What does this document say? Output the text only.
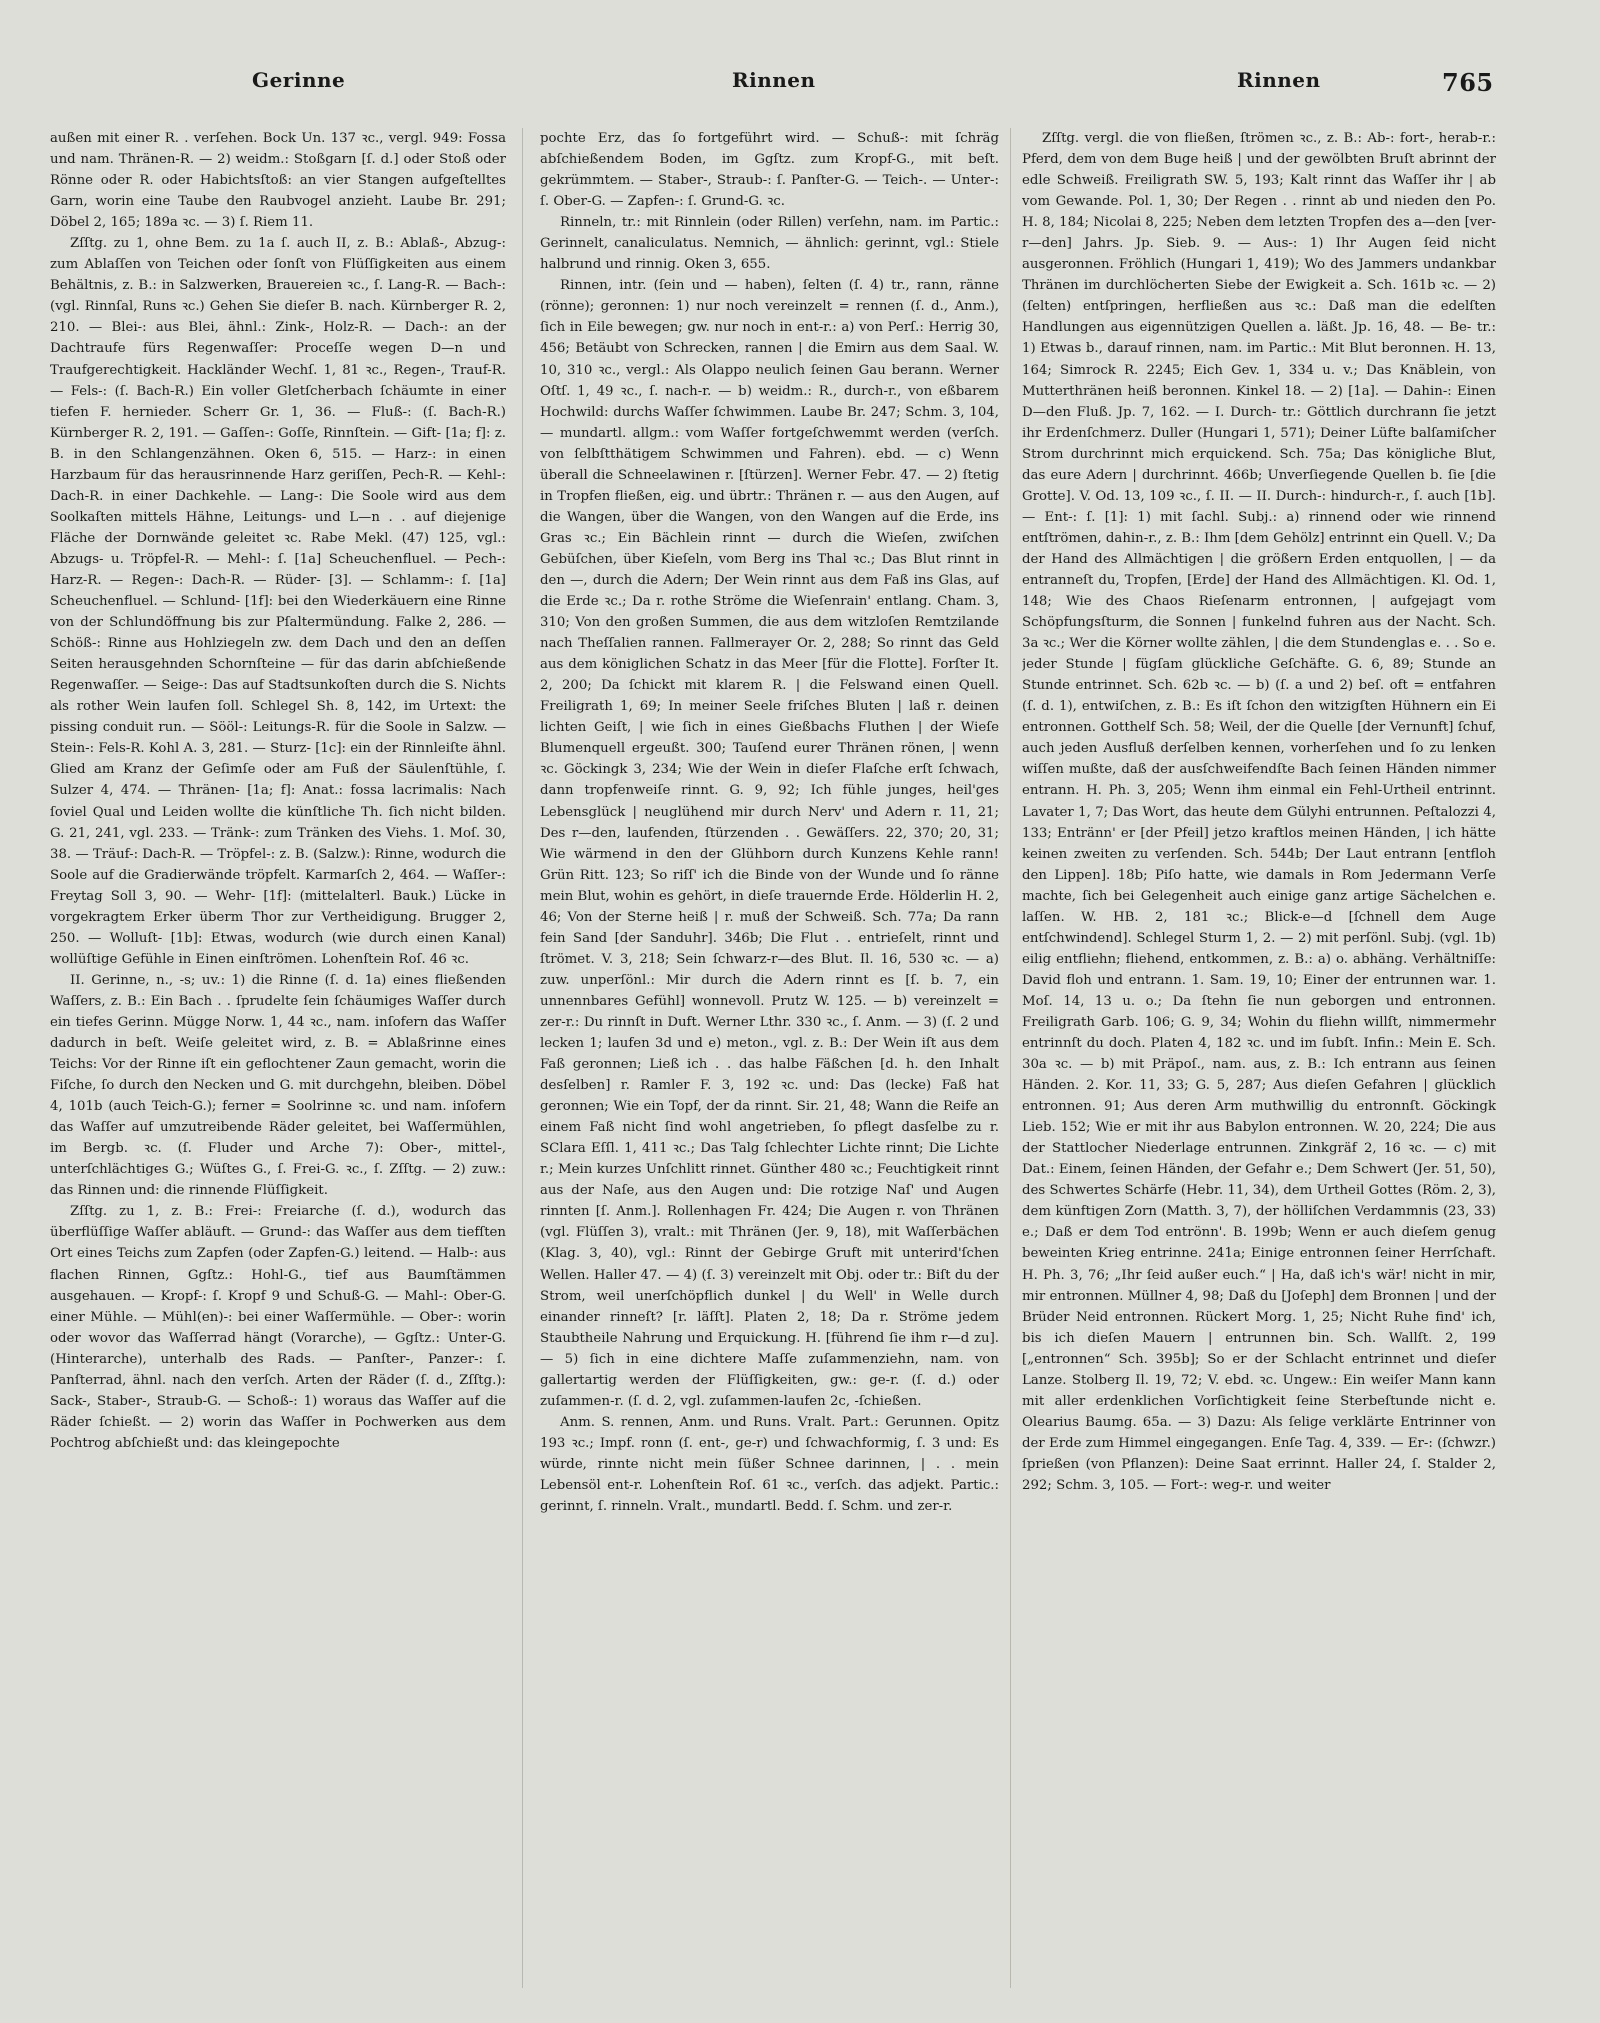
Gerinne	Rinnen	Rinnen	765

außen mit einer R. . verſehen. Bock Un. 137 ꝛc., vergl. 949: Fossa und nam. Thränen-R. — 2) weidm.: Stoßgarn [ſ. d.] oder Stoß oder Rönne oder R. oder Habichtsſtoß: an vier Stangen aufgeſtelltes Garn, worin eine Taube den Raubvogel anzieht. Laube Br. 291; Döbel 2, 165; 189a ꝛc. — 3) ſ. Riem 11.

Zſſtg. zu 1, ohne Bem. zu 1a ſ. auch II, z. B.: Ablaß-, Abzug-: zum Ablaſſen von Teichen oder ſonſt von Flüſſigkeiten aus einem Behältnis, z. B.: in Salzwerken, Brauereien ꝛc., ſ. Lang-R. — Bach-: (vgl. Rinnſal, Runs ꝛc.) Gehen Sie dieſer B. nach. Kürnberger R. 2, 210. — Blei-: aus Blei, ähnl.: Zink-, Holz-R. — Dach-: an der Dachtraufe fürs Regenwaſſer: Proceſſe wegen D—n und Traufgerechtigkeit. Hackländer Wechſ. 1, 81 ꝛc., Regen-, Trauf-R. — Fels-: (ſ. Bach-R.) Ein voller Gletſcherbach ſchäumte in einer tiefen F. hernieder. Scherr Gr. 1, 36. — Fluß-: (ſ. Bach-R.) Kürnberger R. 2, 191. — Gaſſen-: Goſſe, Rinnſtein. — Gift- [1a; f]: z. B. in den Schlangenzähnen. Oken 6, 515. — Harz-: in einen Harzbaum für das herausrinnende Harz geriſſen, Pech-R. — Kehl-: Dach-R. in einer Dachkehle. — Lang-: Die Soole wird aus dem Soolkaſten mittels Hähne, Leitungs- und L—n . . auf diejenige Fläche der Dornwände geleitet ꝛc. Rabe Mekl. (47) 125, vgl.: Abzugs- u. Tröpfel-R. — Mehl-: ſ. [1a] Scheuchenfluel. — Pech-: Harz-R. — Regen-: Dach-R. — Rüder- [3]. — Schlamm-: ſ. [1a] Scheuchenfluel. — Schlund- [1f]: bei den Wiederkäuern eine Rinne von der Schlundöffnung bis zur Pſaltermündung. Falke 2, 286. — Schöß-: Rinne aus Hohlziegeln zw. dem Dach und den an deſſen Seiten herausgehnden Schornſteine — für das darin abſchießende Regenwaſſer. — Seige-: Das auf Stadtsunkoſten durch die S. Nichts als rother Wein laufen ſoll. Schlegel Sh. 8, 142, im Urtext: the pissing conduit run. — Sööl-: Leitungs-R. für die Soole in Salzw. — Stein-: Fels-R. Kohl A. 3, 281. — Sturz- [1c]: ein der Rinnleiſte ähnl. Glied am Kranz der Geſimſe oder am Fuß der Säulenſtühle, ſ. Sulzer 4, 474. — Thränen- [1a; f]: Anat.: fossa lacrimalis: Nach ſoviel Qual und Leiden wollte die künſtliche Th. ſich nicht bilden. G. 21, 241, vgl. 233. — Tränk-: zum Tränken des Viehs. 1. Moſ. 30, 38. — Träuf-: Dach-R. — Tröpfel-: z. B. (Salzw.): Rinne, wodurch die Soole auf die Gradierwände tröpfelt. Karmarſch 2, 464. — Waſſer-: Freytag Soll 3, 90. — Wehr- [1f]: (mittelalterl. Bauk.) Lücke in vorgekragtem Erker überm Thor zur Vertheidigung. Brugger 2, 250. — Wolluſt- [1b]: Etwas, wodurch (wie durch einen Kanal) wollüſtige Gefühle in Einen einſtrömen. Lohenſtein Roſ. 46 ꝛc.

II. Gerinne, n., -s; uv.: 1) die Rinne (ſ. d. 1a) eines fließenden Waſſers, z. B.: Ein Bach . . ſprudelte ſein ſchäumiges Waſſer durch ein tiefes Gerinn. Mügge Norw. 1, 44 ꝛc., nam. inſofern das Waſſer dadurch in beſt. Weiſe geleitet wird, z. B. = Ablaßrinne eines Teichs: Vor der Rinne iſt ein geflochtener Zaun gemacht, worin die Fiſche, ſo durch den Necken und G. mit durchgehn, bleiben. Döbel 4, 101b (auch Teich-G.); ferner = Soolrinne ꝛc. und nam. inſofern das Waſſer auf umzutreibende Räder geleitet, bei Waſſermühlen, im Bergb. ꝛc. (ſ. Fluder und Arche 7): Ober-, mittel-, unterſchlächtiges G.; Wüſtes G., ſ. Frei-G. ꝛc., ſ. Zſſtg. — 2) zuw.: das Rinnen und: die rinnende Flüſſigkeit.

Zſſtg. zu 1, z. B.: Frei-: Freiarche (ſ. d.), wodurch das überflüſſige Waſſer abläuft. — Grund-: das Waſſer aus dem tiefſten Ort eines Teichs zum Zapfen (oder Zapfen-G.) leitend. — Halb-: aus flachen Rinnen, Ggſtz.: Hohl-G., tief aus Baumſtämmen ausgehauen. — Kropf-: ſ. Kropf 9 und Schuß-G. — Mahl-: Ober-G. einer Mühle. — Mühl(en)-: bei einer Waſſermühle. — Ober-: worin oder wovor das Waſſerrad hängt (Vorarche), — Ggſtz.: Unter-G. (Hinterarche), unterhalb des Rads. — Panſter-, Panzer-: ſ. Panſterrad, ähnl. nach den verſch. Arten der Räder (ſ. d., Zſſtg.): Sack-, Staber-, Straub-G. — Schoß-: 1) woraus das Waſſer auf die Räder ſchießt. — 2) worin das Waſſer in Pochwerken aus dem Pochtrog abſchießt und: das kleingepochte

pochte Erz, das ſo fortgeführt wird. — Schuß-: mit ſchräg abſchießendem Boden, im Ggſtz. zum Kropf-G., mit beſt. gekrümmtem. — Staber-, Straub-: ſ. Panſter-G. — Teich-. — Unter-: ſ. Ober-G. — Zapfen-: ſ. Grund-G. ꝛc.

Rinneln, tr.: mit Rinnlein (oder Rillen) verſehn, nam. im Partic.: Gerinnelt, canaliculatus. Nemnich, — ähnlich: gerinnt, vgl.: Stiele halbrund und rinnig. Oken 3, 655.

Rinnen, intr. (ſein und — haben), ſelten (ſ. 4) tr., rann, ränne (rönne); geronnen: 1) nur noch vereinzelt = rennen (ſ. d., Anm.), ſich in Eile bewegen; gw. nur noch in ent-r.: a) von Perſ.: Herrig 30, 456; Betäubt von Schrecken, rannen | die Emirn aus dem Saal. W. 10, 310 ꝛc., vergl.: Als Olappo neulich ſeinen Gau berann. Werner Oſtſ. 1, 49 ꝛc., ſ. nach-r. — b) weidm.: R., durch-r., von eßbarem Hochwild: durchs Waſſer ſchwimmen. Laube Br. 247; Schm. 3, 104, — mundartl. allgm.: vom Waſſer fortgeſchwemmt werden (verſch. von ſelbſtthätigem Schwimmen und Fahren). ebd. — c) Wenn überall die Schneelawinen r. [ſtürzen]. Werner Febr. 47. — 2) ſtetig in Tropfen fließen, eig. und übrtr.: Thränen r. — aus den Augen, auf die Wangen, über die Wangen, von den Wangen auf die Erde, ins Gras ꝛc.; Ein Bächlein rinnt — durch die Wieſen, zwiſchen Gebüſchen, über Kieſeln, vom Berg ins Thal ꝛc.; Das Blut rinnt in den —, durch die Adern; Der Wein rinnt aus dem Faß ins Glas, auf die Erde ꝛc.; Da r. rothe Ströme die Wieſenrain' entlang. Cham. 3, 310; Von den großen Summen, die aus dem witzloſen Remtzilande nach Theſſalien rannen. Fallmerayer Or. 2, 288; So rinnt das Geld aus dem königlichen Schatz in das Meer [für die Flotte]. Forſter It. 2, 200; Da ſchickt mit klarem R. | die Felswand einen Quell. Freiligrath 1, 69; In meiner Seele friſches Bluten | laß r. deinen lichten Geiſt, | wie ſich in eines Gießbachs Fluthen | der Wieſe Blumenquell ergeußt. 300; Tauſend eurer Thränen rönen, | wenn ꝛc. Göckingk 3, 234; Wie der Wein in dieſer Flaſche erſt ſchwach, dann tropfenweiſe rinnt. G. 9, 92; Ich fühle junges, heil'ges Lebensglück | neuglühend mir durch Nerv' und Adern r. 11, 21; Des r—den, laufenden, ſtürzenden . . Gewäſſers. 22, 370; 20, 31; Wie wärmend in den der Glühborn durch Kunzens Kehle rann! Grün Ritt. 123; So riſſ' ich die Binde von der Wunde und ſo ränne mein Blut, wohin es gehört, in dieſe trauernde Erde. Hölderlin H. 2, 46; Von der Sterne heiß | r. muß der Schweiß. Sch. 77a; Da rann fein Sand [der Sanduhr]. 346b; Die Flut . . entrieſelt, rinnt und ſtrömet. V. 3, 218; Sein ſchwarz-r—des Blut. Il. 16, 530 ꝛc. — a) zuw. unperſönl.: Mir durch die Adern rinnt es [ſ. b. 7, ein unnennbares Gefühl] wonnevoll. Prutz W. 125. — b) vereinzelt = zer-r.: Du rinnſt in Duft. Werner Lthr. 330 ꝛc., ſ. Anm. — 3) (ſ. 2 und lecken 1; laufen 3d und e) meton., vgl. z. B.: Der Wein iſt aus dem Faß geronnen; Ließ ich . . das halbe Fäßchen [d. h. den Inhalt desſelben] r. Ramler F. 3, 192 ꝛc. und: Das (lecke) Faß hat geronnen; Wie ein Topf, der da rinnt. Sir. 21, 48; Wann die Reife an einem Faß nicht ſind wohl angetrieben, ſo pflegt dasſelbe zu r. SClara Eſſl. 1, 411 ꝛc.; Das Talg ſchlechter Lichte rinnt; Die Lichte r.; Mein kurzes Unſchlitt rinnet. Günther 480 ꝛc.; Feuchtigkeit rinnt aus der Naſe, aus den Augen und: Die rotzige Naſ' und Augen rinnten [ſ. Anm.]. Rollenhagen Fr. 424; Die Augen r. von Thränen (vgl. Flüſſen 3), vralt.: mit Thränen (Jer. 9, 18), mit Waſſerbächen (Klag. 3, 40), vgl.: Rinnt der Gebirge Gruft mit unterird'ſchen Wellen. Haller 47. — 4) (ſ. 3) vereinzelt mit Obj. oder tr.: Biſt du der Strom, weil unerſchöpflich dunkel | du Well' in Welle durch einander rinneſt? [r. läſſt]. Platen 2, 18; Da r. Ströme jedem Staubtheile Nahrung und Erquickung. H. [führend ſie ihm r—d zu]. — 5) ſich in eine dichtere Maſſe zuſammenziehn, nam. von gallertartig werden der Flüſſigkeiten, gw.: ge-r. (ſ. d.) oder zuſammen-r. (ſ. d. 2, vgl. zuſammen-laufen 2c, -ſchießen.

Anm. S. rennen, Anm. und Runs. Vralt. Part.: Gerunnen. Opitz 193 ꝛc.; Impf. ronn (ſ. ent-, ge-r) und ſchwachformig, ſ. 3 und: Es würde, rinnte nicht mein ſüßer Schnee darinnen, | . . mein Lebensöl ent-r. Lohenſtein Roſ. 61 ꝛc., verſch. das adjekt. Partic.: gerinnt, ſ. rinneln. Vralt., mundartl. Bedd. ſ. Schm. und zer-r.

Zſſtg. vergl. die von fließen, ſtrömen ꝛc., z. B.: Ab-: fort-, herab-r.: Pferd, dem von dem Buge heiß | und der gewölbten Bruſt abrinnt der edle Schweiß. Freiligrath SW. 5, 193; Kalt rinnt das Waſſer ihr | ab vom Gewande. Pol. 1, 30; Der Regen . . rinnt ab und nieden den Po. H. 8, 184; Nicolai 8, 225; Neben dem letzten Tropfen des a—den [ver-r—den] Jahrs. Jp. Sieb. 9. — Aus-: 1) Ihr Augen ſeid nicht ausgeronnen. Fröhlich (Hungari 1, 419); Wo des Jammers undankbar Thränen im durchlöcherten Siebe der Ewigkeit a. Sch. 161b ꝛc. — 2) (ſelten) entſpringen, herfließen aus ꝛc.: Daß man die edelſten Handlungen aus eigennützigen Quellen a. läßt. Jp. 16, 48. — Be- tr.: 1) Etwas b., darauf rinnen, nam. im Partic.: Mit Blut beronnen. H. 13, 164; Simrock R. 2245; Eich Gev. 1, 334 u. v.; Das Knäblein, von Mutterthränen heiß beronnen. Kinkel 18. — 2) [1a]. — Dahin-: Einen D—den Fluß. Jp. 7, 162. — I. Durch- tr.: Göttlich durchrann ſie jetzt ihr Erdenſchmerz. Duller (Hungari 1, 571); Deiner Lüfte balſamiſcher Strom durchrinnt mich erquickend. Sch. 75a; Das königliche Blut, das eure Adern | durchrinnt. 466b; Unverſiegende Quellen b. ſie [die Grotte]. V. Od. 13, 109 ꝛc., ſ. II. — II. Durch-: hindurch-r., ſ. auch [1b]. — Ent-: ſ. [1]: 1) mit ſachl. Subj.: a) rinnend oder wie rinnend entſtrömen, dahin-r., z. B.: Ihm [dem Gehölz] entrinnt ein Quell. V.; Da der Hand des Allmächtigen | die größern Erden entquollen, | — da entranneſt du, Tropfen, [Erde] der Hand des Allmächtigen. Kl. Od. 1, 148; Wie des Chaos Rieſenarm entronnen, | aufgejagt vom Schöpfungsſturm, die Sonnen | funkelnd fuhren aus der Nacht. Sch. 3a ꝛc.; Wer die Körner wollte zählen, | die dem Stundenglas e. . . So e. jeder Stunde | fügſam glückliche Geſchäfte. G. 6, 89; Stunde an Stunde entrinnet. Sch. 62b ꝛc. — b) (ſ. a und 2) beſ. oft = entfahren (ſ. d. 1), entwiſchen, z. B.: Es iſt ſchon den witzigſten Hühnern ein Ei entronnen. Gotthelf Sch. 58; Weil, der die Quelle [der Vernunft] ſchuf, auch jeden Ausfluß derſelben kennen, vorherſehen und ſo zu lenken wiſſen mußte, daß der ausſchweifendſte Bach ſeinen Händen nimmer entrann. H. Ph. 3, 205; Wenn ihm einmal ein Fehl-Urtheil entrinnt. Lavater 1, 7; Das Wort, das heute dem Gülyhi entrunnen. Peſtalozzi 4, 133; Entränn' er [der Pfeil] jetzo kraftlos meinen Händen, | ich hätte keinen zweiten zu verſenden. Sch. 544b; Der Laut entrann [entfloh den Lippen]. 18b; Piſo hatte, wie damals in Rom Jedermann Verſe machte, ſich bei Gelegenheit auch einige ganz artige Sächelchen e. laſſen. W. HB. 2, 181 ꝛc.; Blick-e—d [ſchnell dem Auge entſchwindend]. Schlegel Sturm 1, 2. — 2) mit perſönl. Subj. (vgl. 1b) eilig entfliehn; fliehend, entkommen, z. B.: a) o. abhäng. Verhältniſſe: David floh und entrann. 1. Sam. 19, 10; Einer der entrunnen war. 1. Moſ. 14, 13 u. o.; Da ſtehn ſie nun geborgen und entronnen. Freiligrath Garb. 106; G. 9, 34; Wohin du fliehn willſt, nimmermehr entrinnſt du doch. Platen 4, 182 ꝛc. und im ſubſt. Infin.: Mein E. Sch. 30a ꝛc. — b) mit Präpoſ., nam. aus, z. B.: Ich entrann aus ſeinen Händen. 2. Kor. 11, 33; G. 5, 287; Aus dieſen Gefahren | glücklich entronnen. 91; Aus deren Arm muthwillig du entronnſt. Göckingk Lieb. 152; Wie er mit ihr aus Babylon entronnen. W. 20, 224; Die aus der Stattlocher Niederlage entrunnen. Zinkgräf 2, 16 ꝛc. — c) mit Dat.: Einem, ſeinen Händen, der Gefahr e.; Dem Schwert (Jer. 51, 50), des Schwertes Schärfe (Hebr. 11, 34), dem Urtheil Gottes (Röm. 2, 3), dem künftigen Zorn (Matth. 3, 7), der hölliſchen Verdammnis (23, 33) e.; Daß er dem Tod entrönn'. B. 199b; Wenn er auch dieſem genug beweinten Krieg entrinne. 241a; Einige entronnen ſeiner Herrſchaft. H. Ph. 3, 76; „Ihr ſeid außer euch.“ | Ha, daß ich's wär! nicht in mir, mir entronnen. Müllner 4, 98; Daß du [Joſeph] dem Bronnen | und der Brüder Neid entronnen. Rückert Morg. 1, 25; Nicht Ruhe find' ich, bis ich dieſen Mauern | entrunnen bin. Sch. Wallſt. 2, 199 [„entronnen“ Sch. 395b]; So er der Schlacht entrinnet und dieſer Lanze. Stolberg Il. 19, 72; V. ebd. ꝛc. Ungew.: Ein weiſer Mann kann mit aller erdenklichen Vorſichtigkeit ſeine Sterbeſtunde nicht e. Olearius Baumg. 65a. — 3) Dazu: Als ſelige verklärte Entrinner von der Erde zum Himmel eingegangen. Enſe Tag. 4, 339. — Er-: (ſchwzr.) ſprießen (von Pflanzen): Deine Saat errinnt. Haller 24, ſ. Stalder 2, 292; Schm. 3, 105. — Fort-: weg-r. und weiter
